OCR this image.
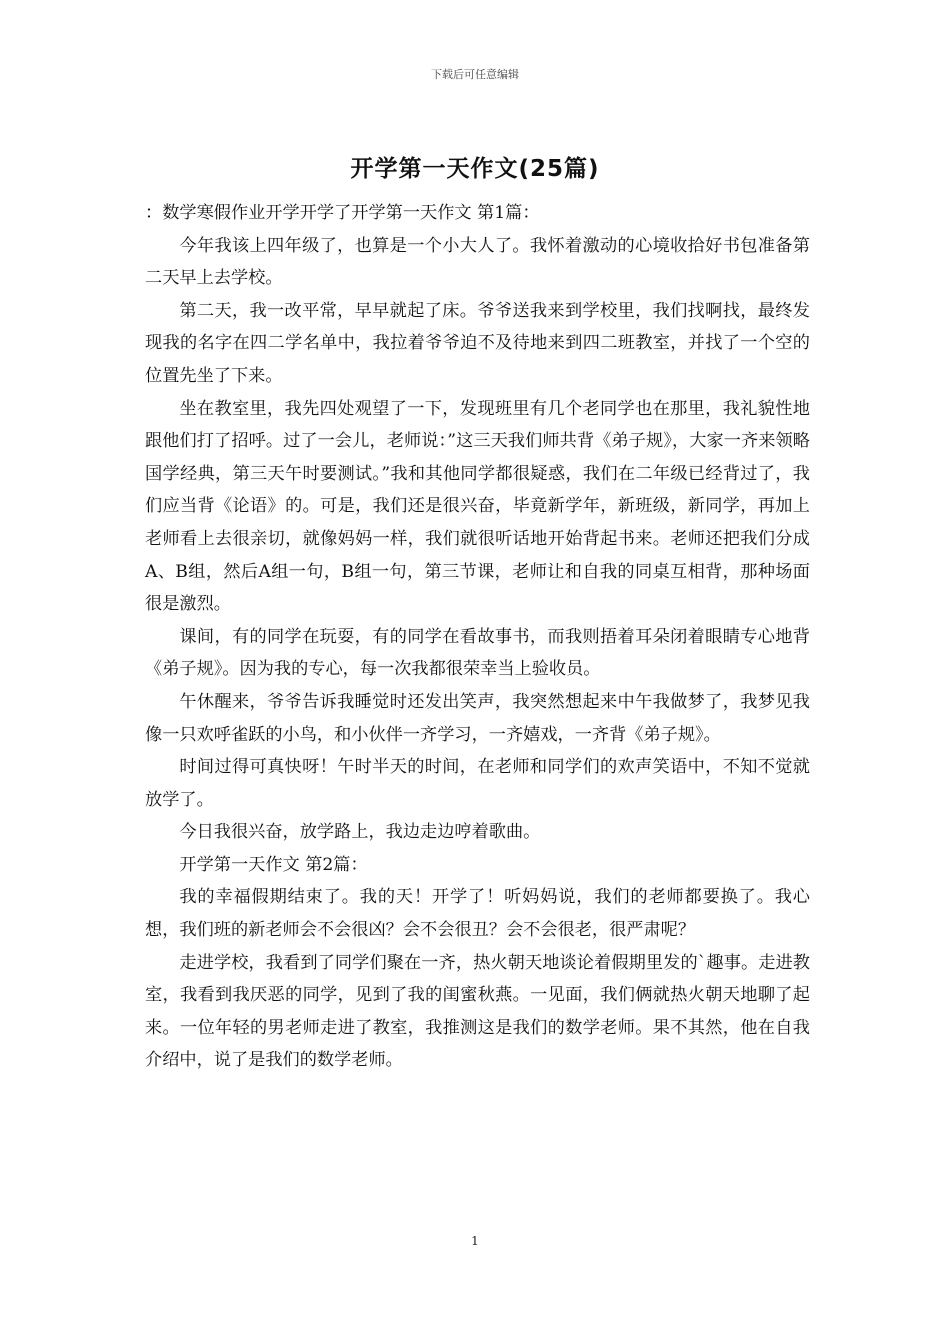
下载后可任意编辑
开学第一天作文(25篇)

：数学寒假作业开学开学了开学第一天作文 第1篇：

今年我该上四年级了，也算是一个小大人了。我怀着激动的心境收拾好书包准备第二天早上去学校。

第二天，我一改平常，早早就起了床。爷爷送我来到学校里，我们找啊找，最终发现我的名字在四二学名单中，我拉着爷爷迫不及待地来到四二班教室，并找了一个空的位置先坐了下来。

坐在教室里，我先四处观望了一下，发现班里有几个老同学也在那里，我礼貌性地跟他们打了招呼。过了一会儿，老师说：”这三天我们师共背《弟子规》，大家一齐来领略国学经典，第三天午时要测试。”我和其他同学都很疑惑，我们在二年级已经背过了，我们应当背《论语》的。可是，我们还是很兴奋，毕竟新学年，新班级，新同学，再加上老师看上去很亲切，就像妈妈一样，我们就很听话地开始背起书来。老师还把我们分成A、B组，然后A组一句，B组一句，第三节课，老师让和自我的同桌互相背，那种场面很是激烈。

课间，有的同学在玩耍，有的同学在看故事书，而我则捂着耳朵闭着眼睛专心地背《弟子规》。因为我的专心，每一次我都很荣幸当上验收员。

午休醒来，爷爷告诉我睡觉时还发出笑声，我突然想起来中午我做梦了，我梦见我像一只欢呼雀跃的小鸟，和小伙伴一齐学习，一齐嬉戏，一齐背《弟子规》。

时间过得可真快呀！午时半天的时间，在老师和同学们的欢声笑语中，不知不觉就放学了。

今日我很兴奋，放学路上，我边走边哼着歌曲。

开学第一天作文 第2篇：

我的幸福假期结束了。我的天！开学了！听妈妈说，我们的老师都要换了。我心想，我们班的新老师会不会很凶？会不会很丑？会不会很老，很严肃呢？

走进学校，我看到了同学们聚在一齐，热火朝天地谈论着假期里发的`趣事。走进教室，我看到我厌恶的同学，见到了我的闺蜜秋燕。一见面，我们俩就热火朝天地聊了起来。一位年轻的男老师走进了教室，我推测这是我们的数学老师。果不其然，他在自我介绍中，说了是我们的数学老师。

1
